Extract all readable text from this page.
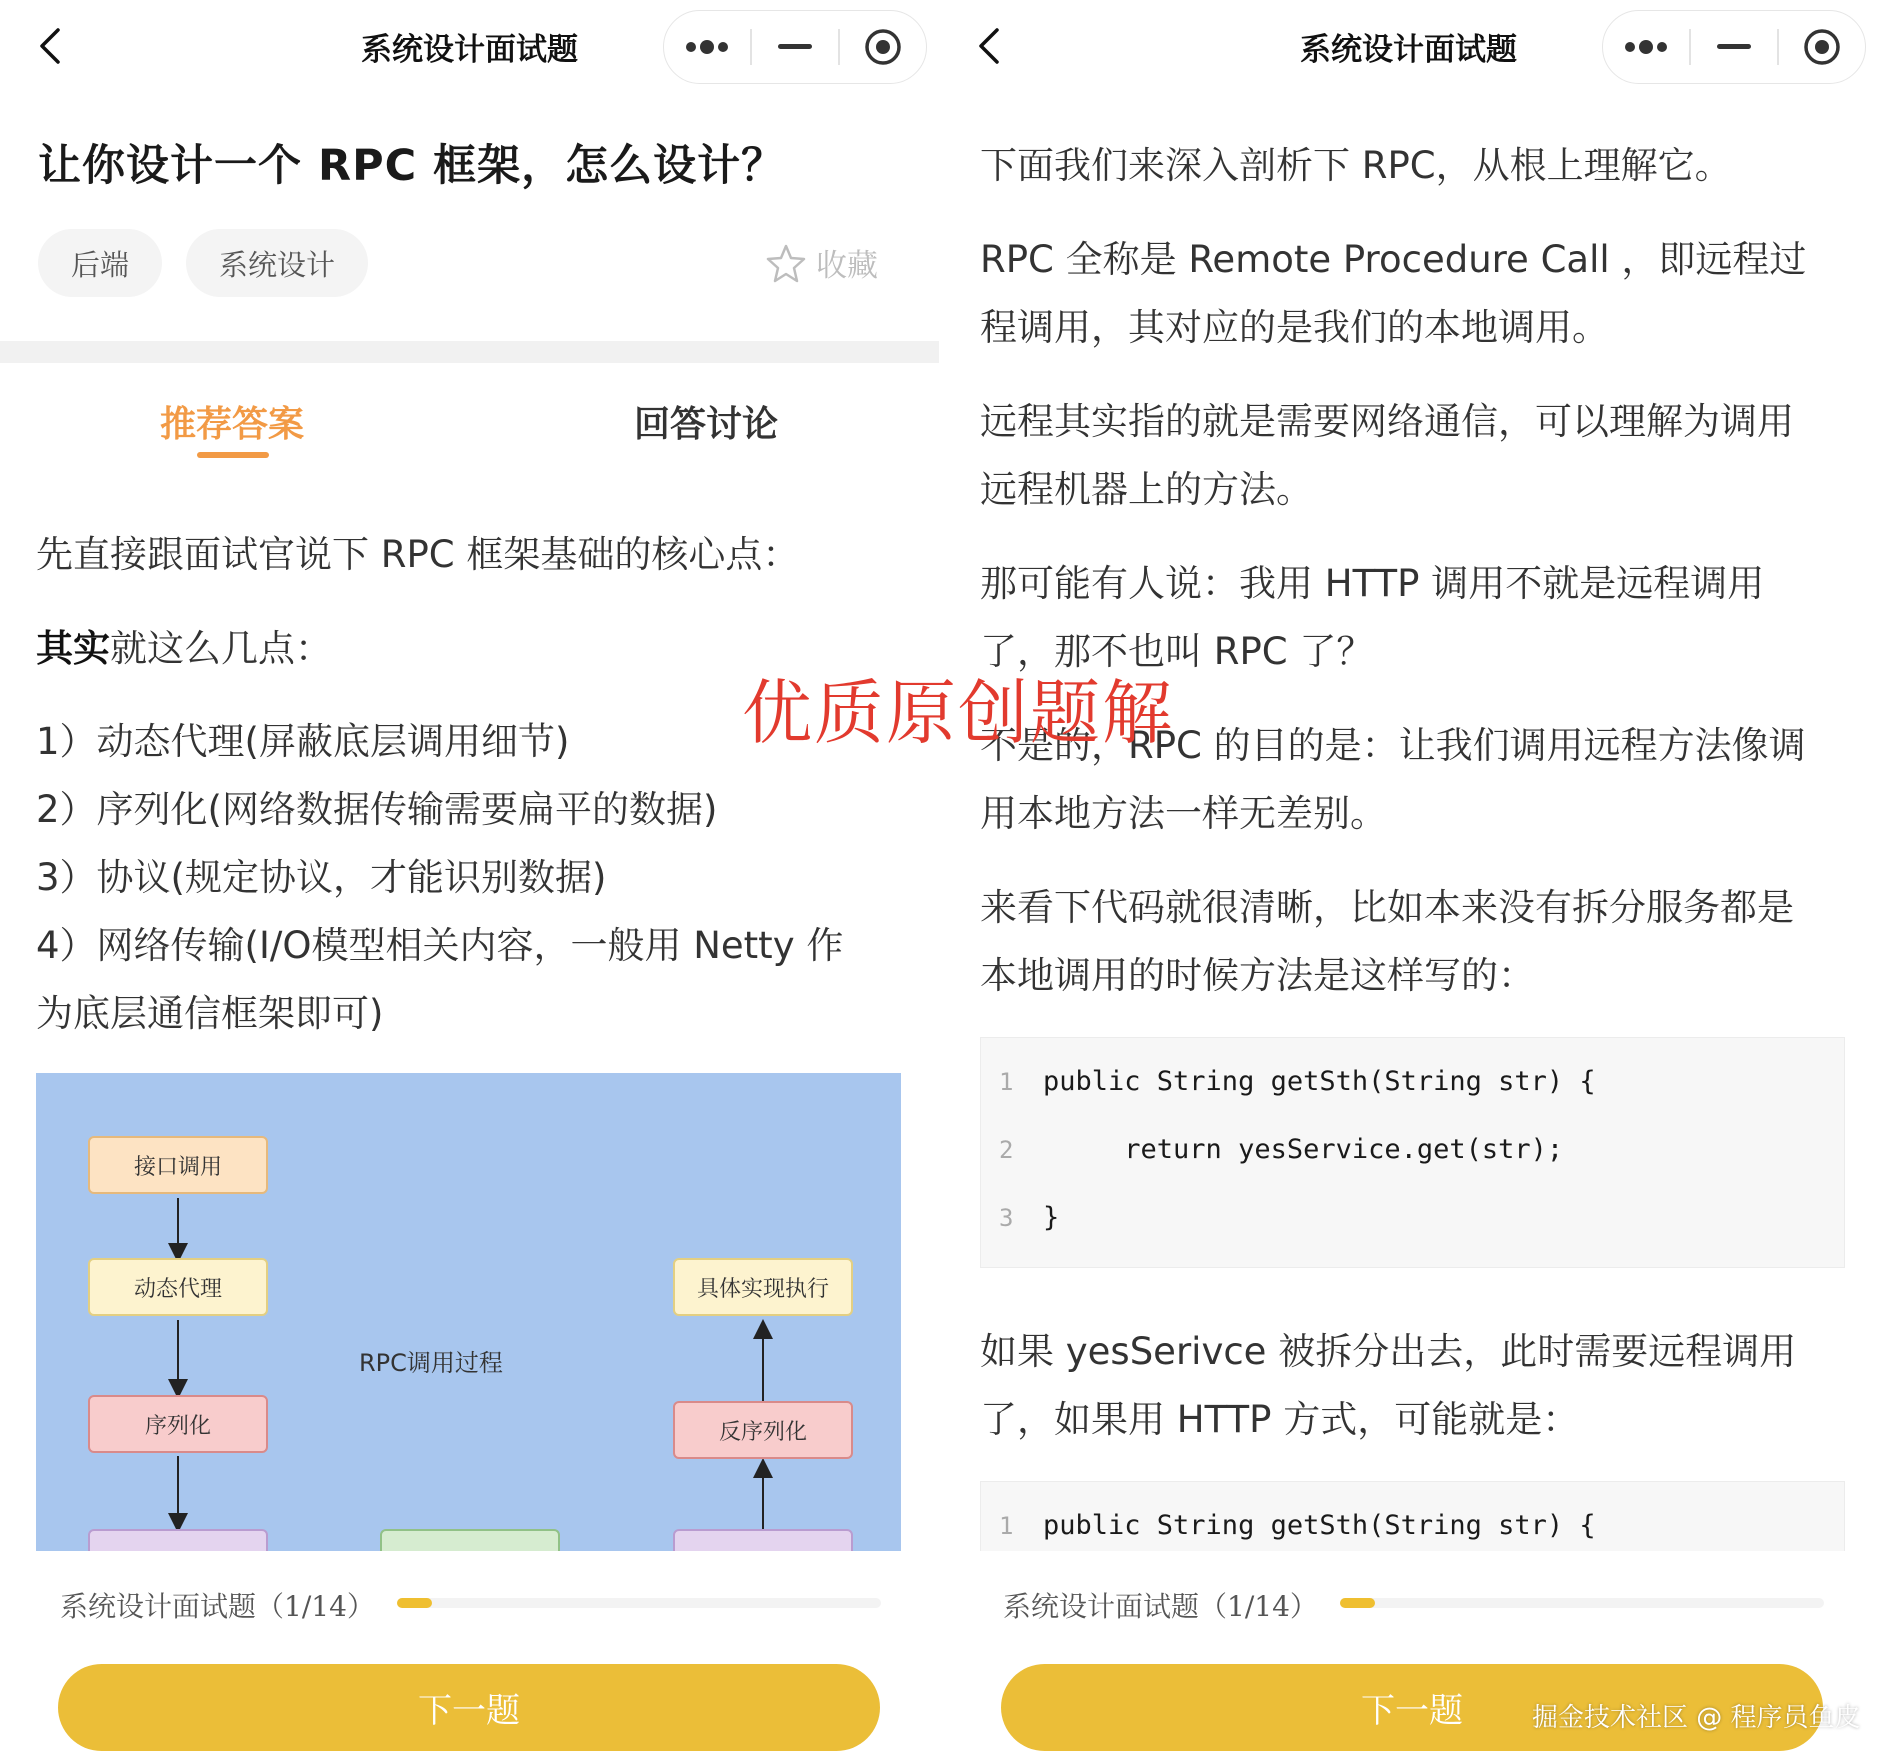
系统设计面试题
让你设计一个 RPC 框架，怎么设计？
后端	系统设计	收藏
推荐答案	回答讨论
先直接跟面试官说下 RPC 框架基础的核心点：
其实就这么几点：
1）动态代理(屏蔽底层调用细节)
2）序列化(网络数据传输需要扁平的数据)
3）协议(规定协议，才能识别数据)
4）网络传输(I/O模型相关内容，一般用 Netty 作
为底层通信框架即可)
接口调用
动态代理
序列化
具体实现执行
反序列化
RPC调用过程
系统设计面试题（1/14）
下一题
系统设计面试题
下面我们来深入剖析下 RPC，从根上理解它。
RPC 全称是 Remote Procedure Call ，即远程过
程调用，其对应的是我们的本地调用。
远程其实指的就是需要网络通信，可以理解为调用
远程机器上的方法。
那可能有人说：我用 HTTP 调用不就是远程调用
了，那不也叫 RPC 了？
不是的，RPC 的目的是：让我们调用远程方法像调
用本地方法一样无差别。
来看下代码就很清晰，比如本来没有拆分服务都是
本地调用的时候方法是这样写的：
1	public String getSth(String str) {
2	return yesService.get(str);
3	}
如果 yesSerivce 被拆分出去，此时需要远程调用
了，如果用 HTTP 方式，可能就是：
1	public String getSth(String str) {
系统设计面试题（1/14）
下一题
优质原创题解
掘金技术社区 @ 程序员鱼皮
